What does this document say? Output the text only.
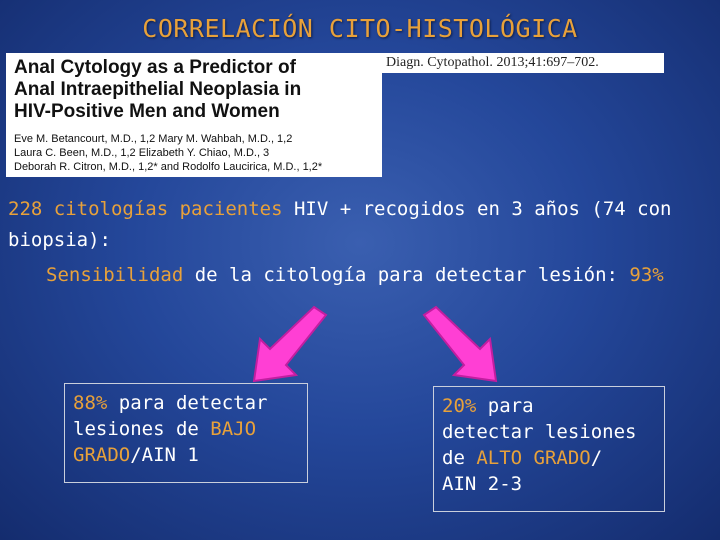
CORRELACIÓN CITO-HISTOLÓGICA
Anal Cytology as a Predictor of
Anal Intraepithelial Neoplasia in
HIV-Positive Men and Women
Eve M. Betancourt, M.D., 1,2 Mary M. Wahbah, M.D., 1,2
Laura C. Been, M.D., 1,2 Elizabeth Y. Chiao, M.D., 3
Deborah R. Citron, M.D., 1,2* and Rodolfo Laucirica, M.D., 1,2*
Diagn. Cytopathol. 2013;41:697–702.
228 citologías pacientes HIV + recogidos en 3 años (74 con
biopsia):
Sensibilidad de la citología para detectar lesión: 93%
88% para detectar
lesiones de BAJO
GRADO/AIN 1
20% para
detectar lesiones
de ALTO GRADO/
AIN 2-3
